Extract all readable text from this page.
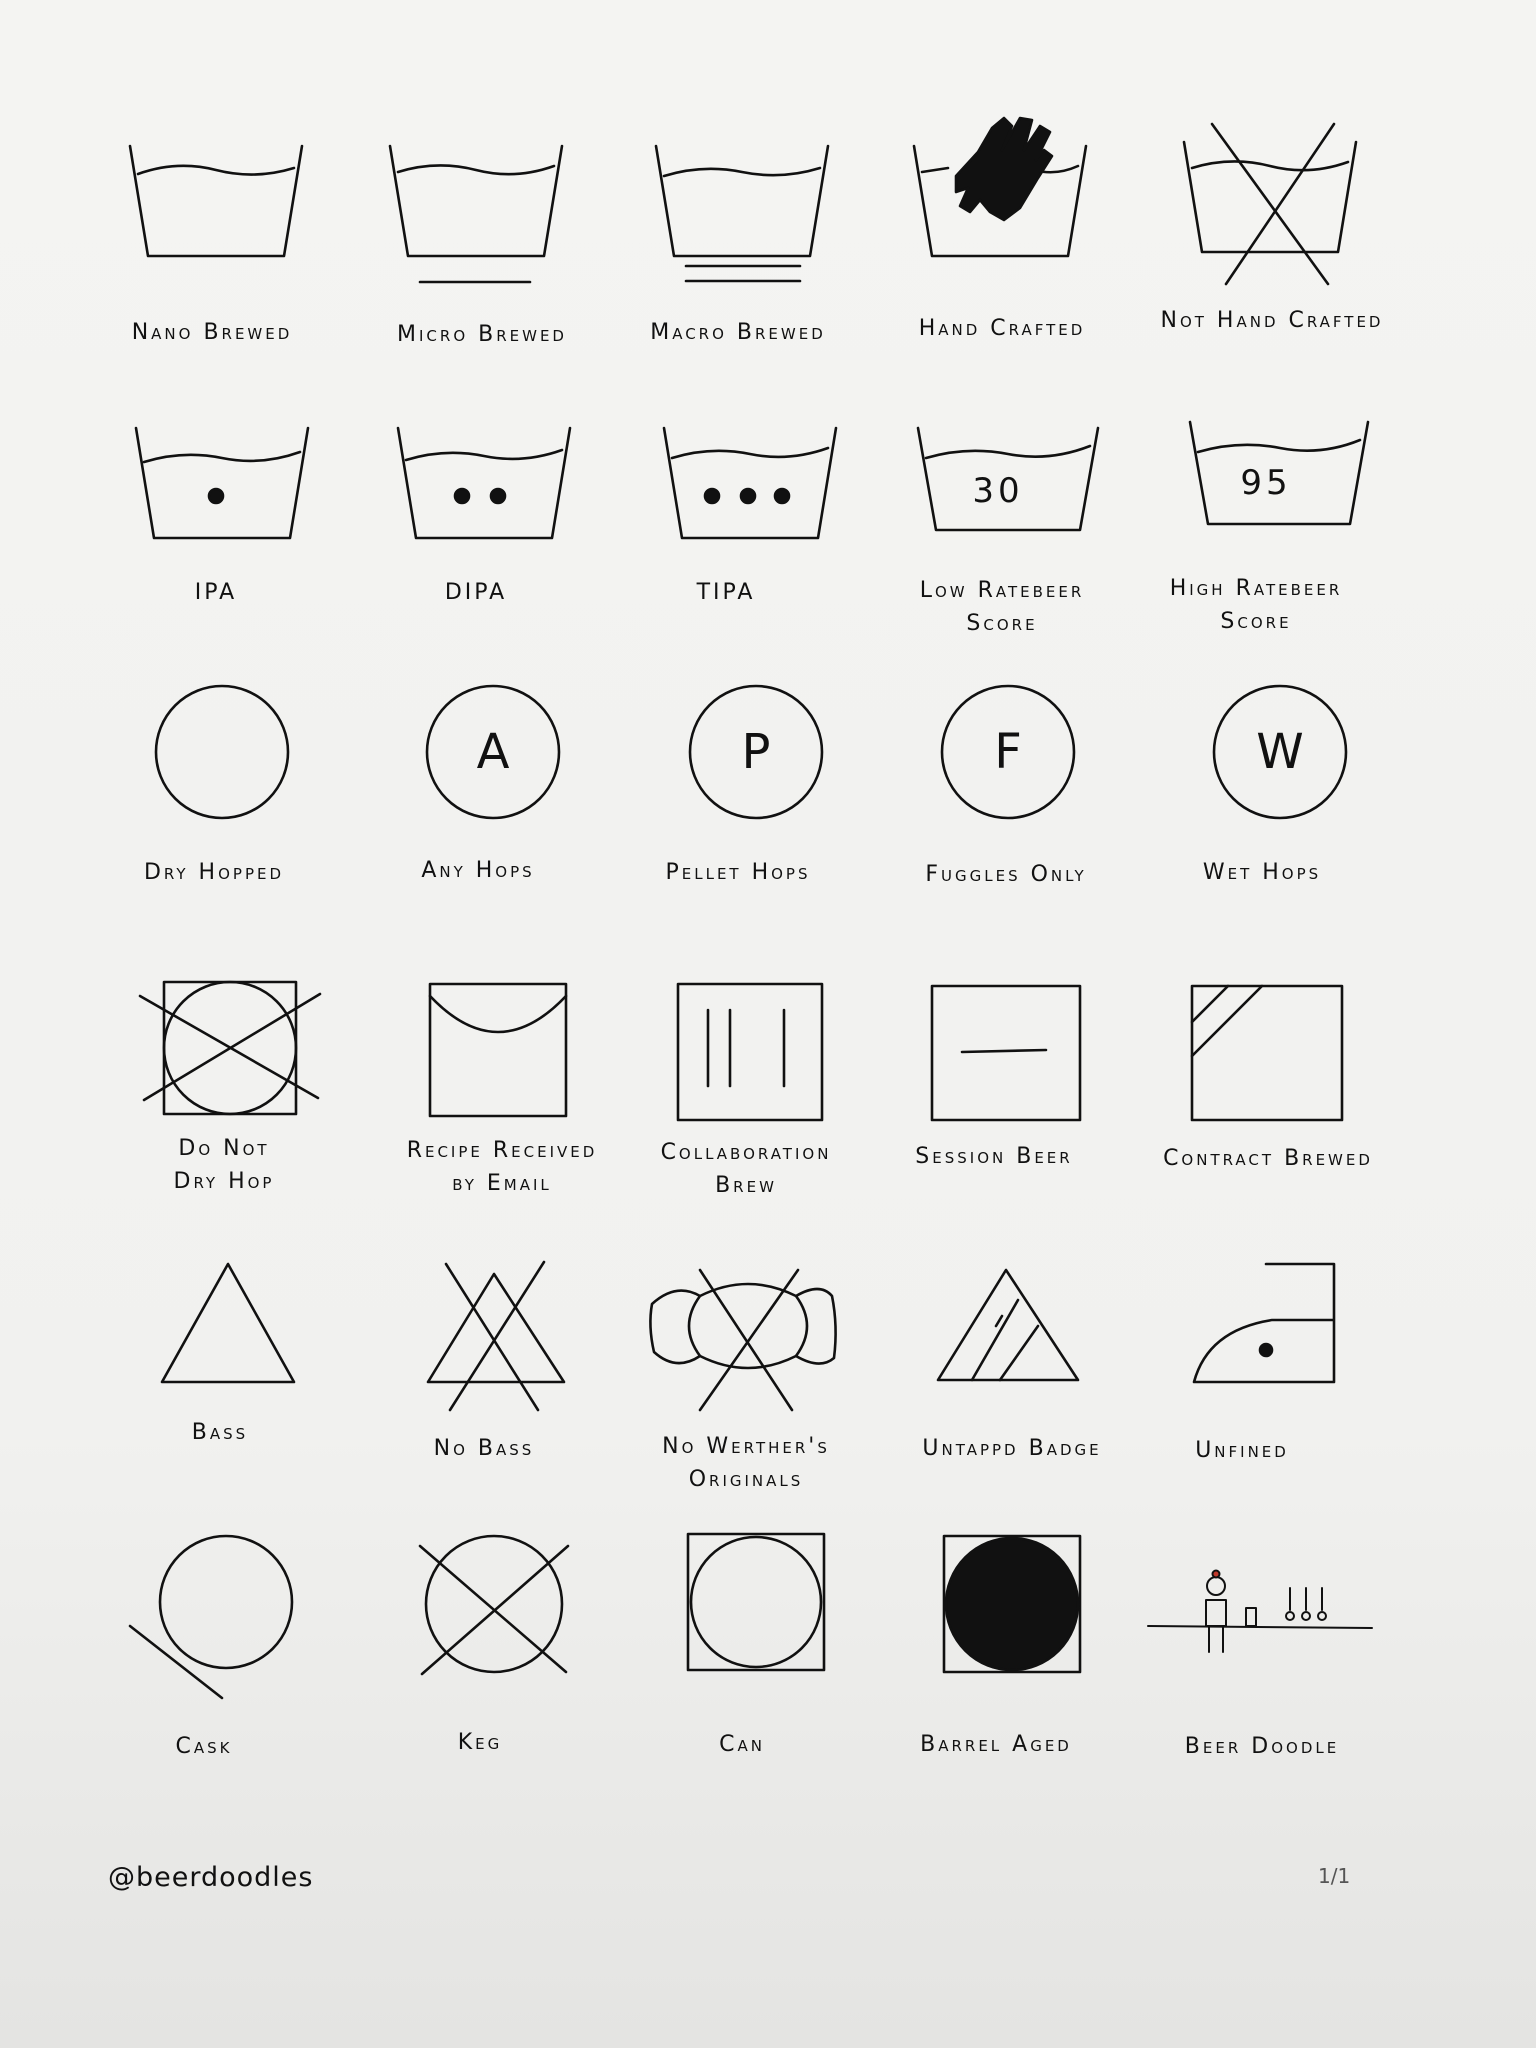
30	95
A	P	F	W
Nano Brewed	Micro Brewed	Macro Brewed	Hand Crafted	Not Hand Crafted
IPA	DIPA	TIPA	Low Ratebeer
Score
High Ratebeer
Score
Dry Hopped	Any Hops	Pellet Hops	Fuggles Only	Wet Hops
Do Not
Dry Hop
Recipe Received
by Email
Collaboration
Brew
Session Beer	Contract Brewed
Bass
No Bass	No Werther's
Originals
Untappd Badge	Unfined
Cask	Keg	Can	Barrel Aged	Beer Doodle
@beerdoodles	1/1
